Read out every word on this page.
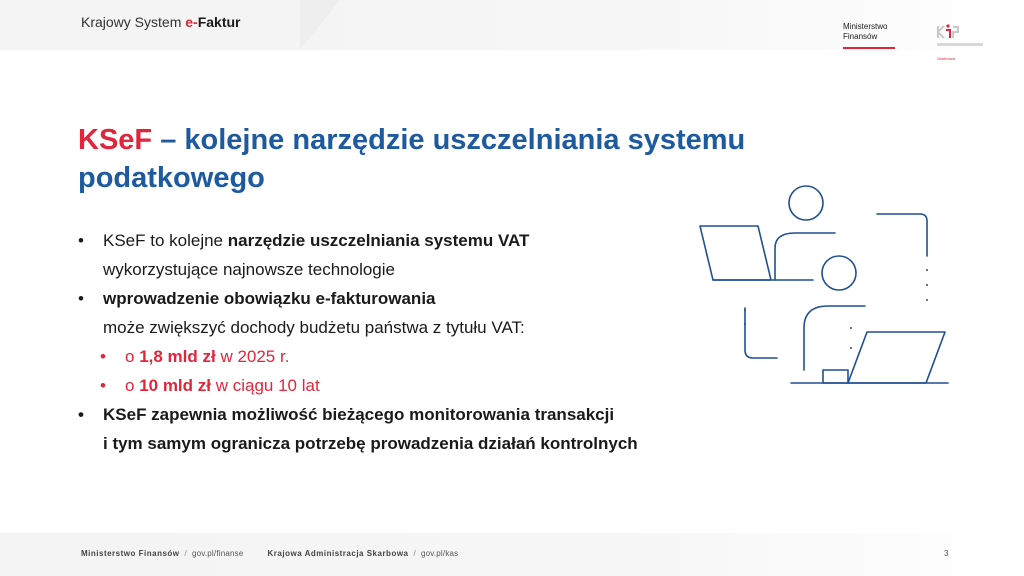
Krajowy System e-Faktur	Ministerstwo
Finansów
Skarbowa
KSeF – kolejne narzędzie uszczelniania systemu podatkowego
• KSeF to kolejne narzędzie uszczelniania systemu VAT
wykorzystujące najnowsze technologie
• wprowadzenie obowiązku e-fakturowania
może zwiększyć dochody budżetu państwa z tytułu VAT:
• o 1,8 mld zł w 2025 r.
• o 10 mld zł w ciągu 10 lat
• KSeF zapewnia możliwość bieżącego monitorowania transakcji
i tym samym ogranicza potrzebę prowadzenia działań kontrolnych
Ministerstwo Finansów / gov.pl/finanse	Krajowa Administracja Skarbowa / gov.pl/kas	3
